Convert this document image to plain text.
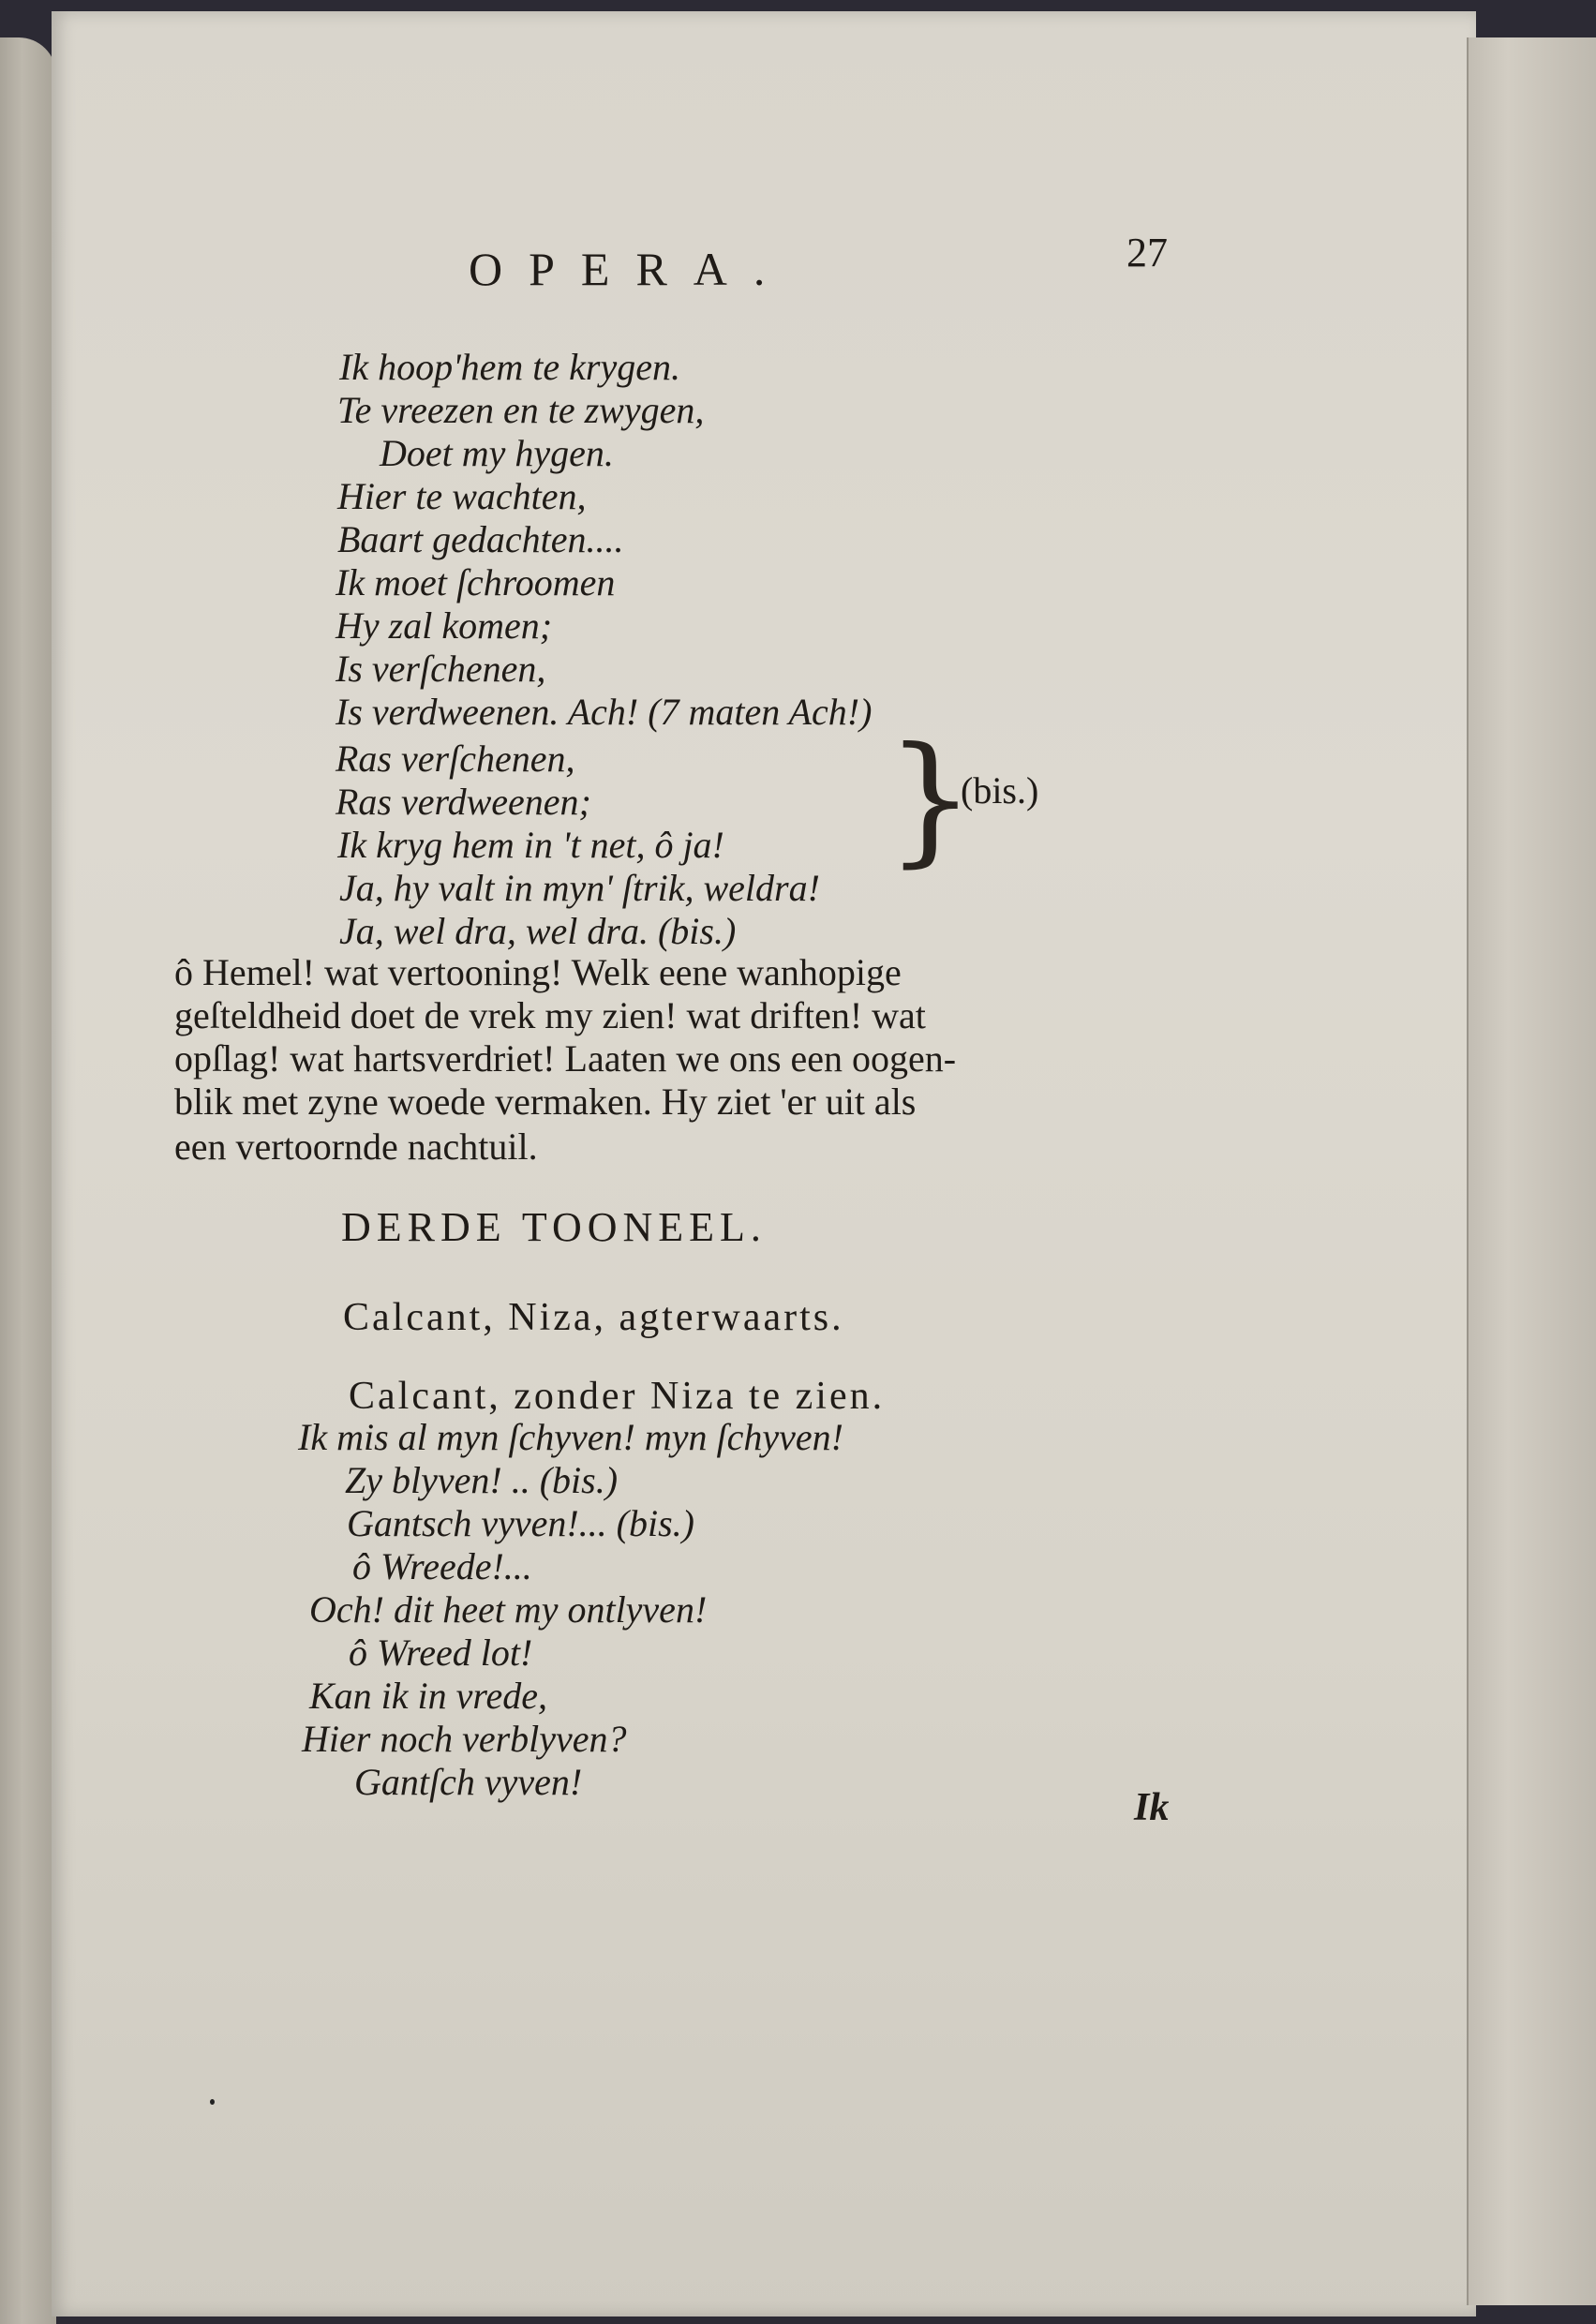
OPERA.	27
Ik hoop'hem te krygen.
Te vreezen en te zwygen,
Doet my hygen.
Hier te wachten,
Baart gedachten....
Ik moet ſchroomen
Hy zal komen;
Is verſchenen,
Is verdweenen. Ach! (7 maten Ach!)
Ras verſchenen,
Ras verdweenen;
Ik kryg hem in 't net, ô ja!
Ja, hy valt in myn' ſtrik, weldra!
Ja, wel dra, wel dra. (bis.)
}
(bis.)
ô Hemel! wat vertooning! Welk eene wanhopige
geſteldheid doet de vrek my zien! wat driften! wat
opſlag! wat hartsverdriet! Laaten we ons een oogen-
blik met zyne woede vermaken. Hy ziet 'er uit als
een vertoornde nachtuil.
DERDE TOONEEL.
Calcant, Niza, agterwaarts.
Calcant, zonder Niza te zien.
Ik mis al myn ſchyven! myn ſchyven!
Zy blyven! .. (bis.)
Gantsch vyven!... (bis.)
ô Wreede!...
Och! dit heet my ontlyven!
ô Wreed lot!
Kan ik in vrede,
Hier noch verblyven?
Gantſch vyven!
Ik
